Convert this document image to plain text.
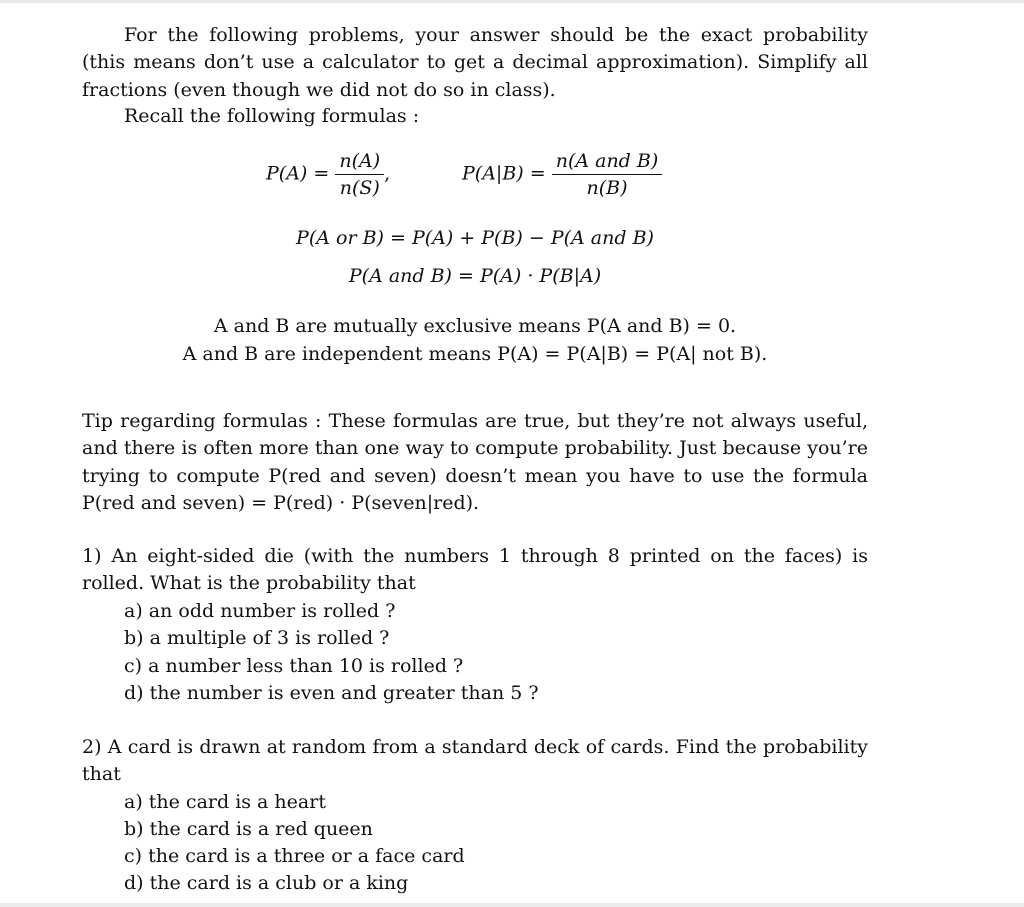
For the following problems, your answer should be the exact probability (this means don’t use a calculator to get a decimal approximation). Simplify all fractions (even though we did not do so in class).
Recall the following formulas :
$P(A) = \frac{n(A)}{n(S)}$ ,	$P(A|B) = \frac{\text{n(A and B)}}{n(B)}$
P(A or B) = P(A) + P(B) − P(A and B)
P(A and B) = P(A) · P(B|A)
A and B are mutually exclusive means P(A and B) = 0.
A and B are independent means P(A) = P(A|B) = P(A| not B).
Tip regarding formulas : These formulas are true, but they’re not always useful, and there is often more than one way to compute probability. Just because you’re trying to compute P(red and seven) doesn’t mean you have to use the formula P(red and seven) = P(red) · P(seven|red).
1) An eight-sided die (with the numbers 1 through 8 printed on the faces) is rolled. What is the probability that
a) an odd number is rolled ?
b) a multiple of 3 is rolled ?
c) a number less than 10 is rolled ?
d) the number is even and greater than 5 ?
2) A card is drawn at random from a standard deck of cards. Find the probability that
a) the card is a heart
b) the card is a red queen
c) the card is a three or a face card
d) the card is a club or a king
